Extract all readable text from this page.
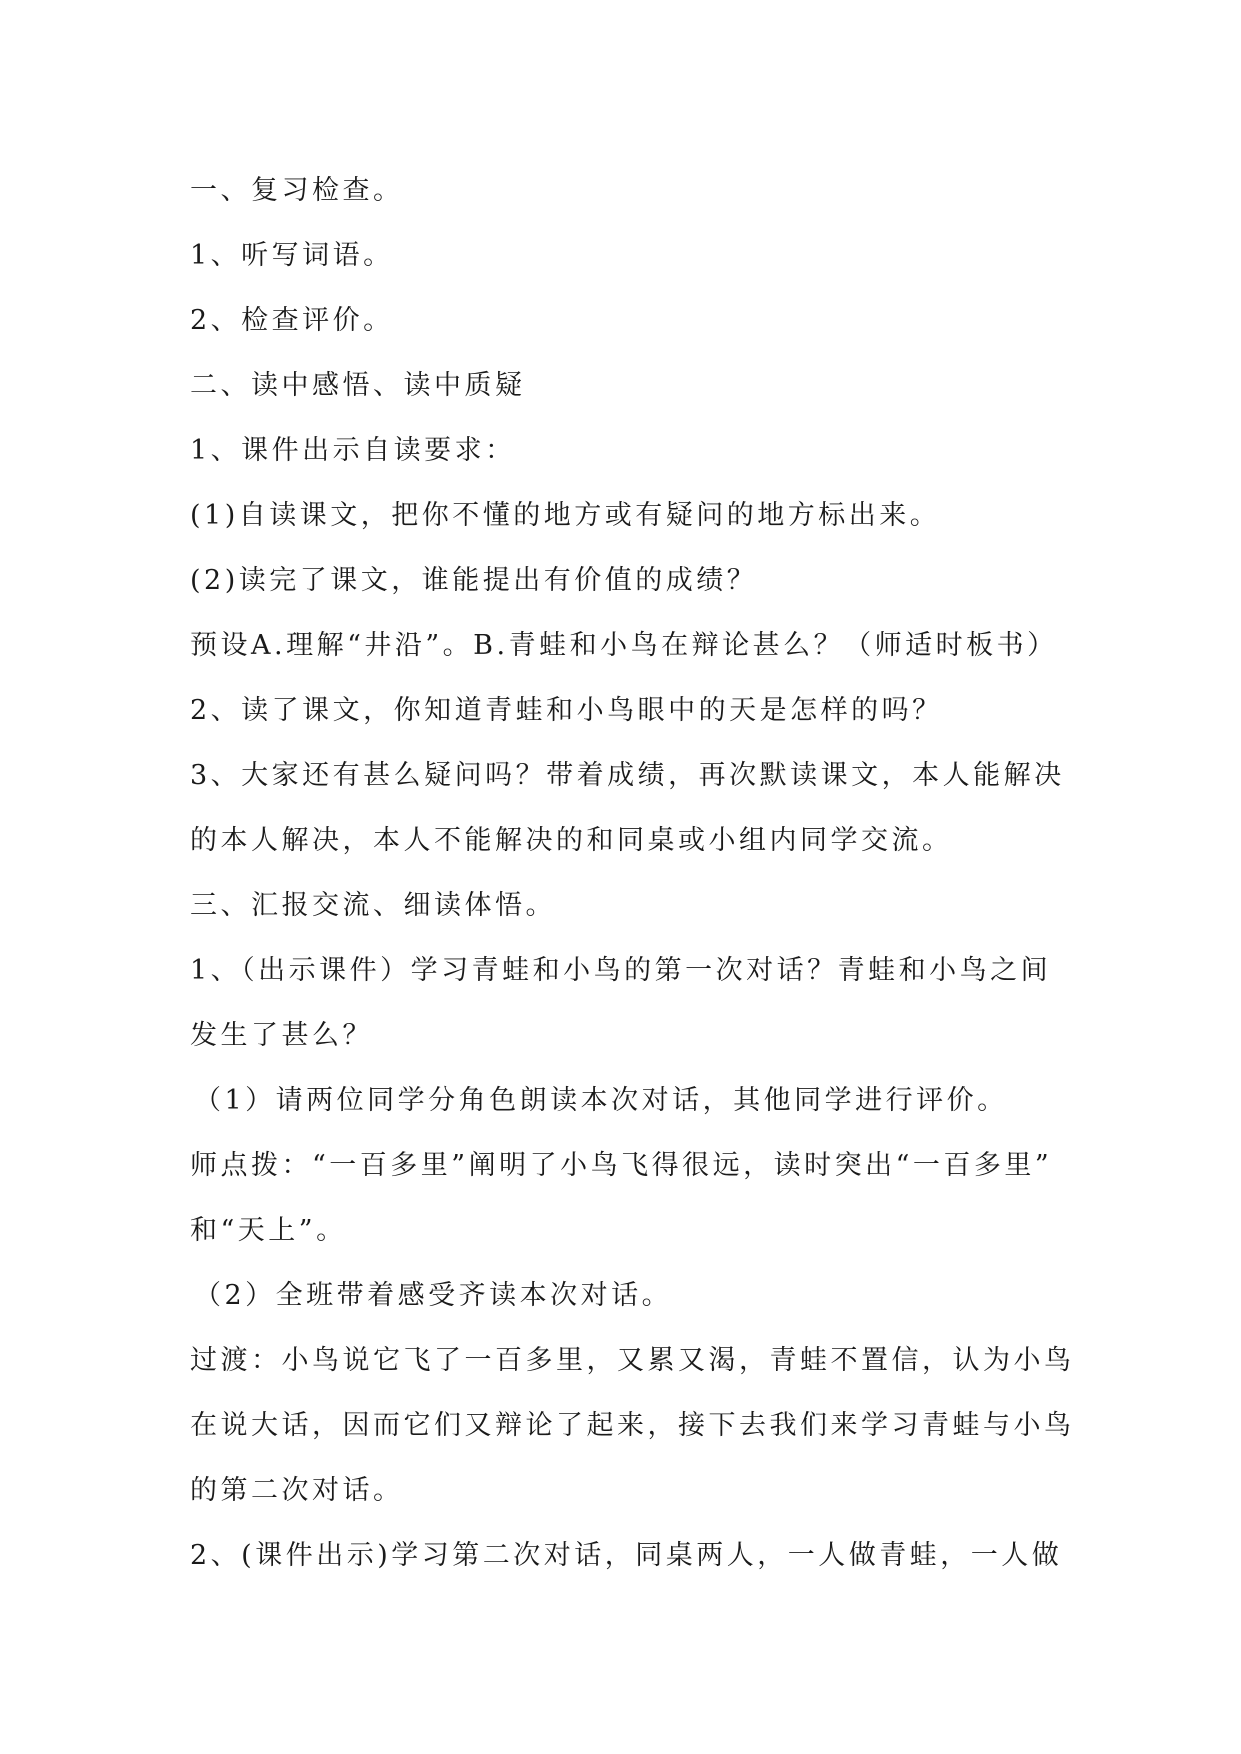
一、复习检查。
1、听写词语。
2、检查评价。
二、读中感悟、读中质疑
1、课件出示自读要求：
(1)自读课文，把你不懂的地方或有疑问的地方标出来。
(2)读完了课文，谁能提出有价值的成绩？
预设A.理解“井沿”。B.青蛙和小鸟在辩论甚么？（师适时板书）
2、读了课文，你知道青蛙和小鸟眼中的天是怎样的吗？
3、大家还有甚么疑问吗？带着成绩，再次默读课文，本人能解决
的本人解决，本人不能解决的和同桌或小组内同学交流。
三、汇报交流、细读体悟。
1、（出示课件）学习青蛙和小鸟的第一次对话？青蛙和小鸟之间
发生了甚么？
（1）请两位同学分角色朗读本次对话，其他同学进行评价。
师点拨：“一百多里”阐明了小鸟飞得很远，读时突出“一百多里”
和“天上”。
（2）全班带着感受齐读本次对话。
过渡：小鸟说它飞了一百多里，又累又渴，青蛙不置信，认为小鸟
在说大话，因而它们又辩论了起来，接下去我们来学习青蛙与小鸟
的第二次对话。
2、(课件出示)学习第二次对话，同桌两人，一人做青蛙，一人做
